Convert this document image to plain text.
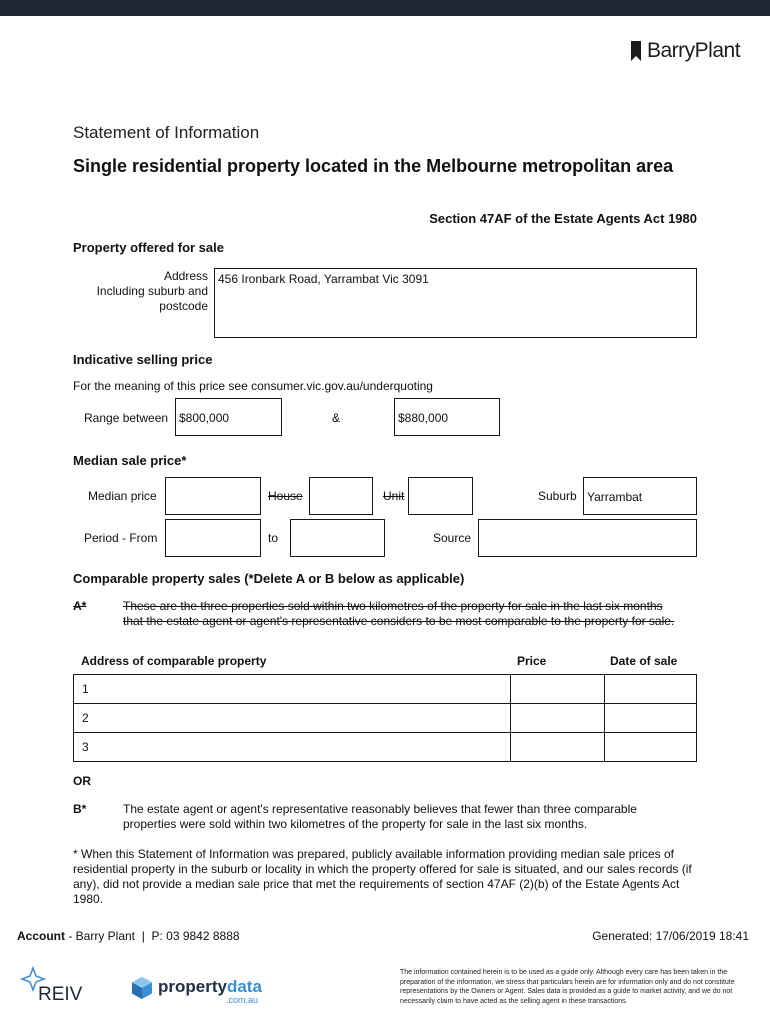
BarryPlant
Statement of Information
Single residential property located in the Melbourne metropolitan area
Section 47AF of the Estate Agents Act 1980
Property offered for sale
Address
Including suburb and
postcode
456 Ironbark Road, Yarrambat Vic 3091
Indicative selling price
For the meaning of this price see consumer.vic.gov.au/underquoting
Range between $800,000	&	$880,000
Median sale price*
Median price	House	Unit	Suburb Yarrambat
Period - From	to	Source
Comparable property sales (*Delete A or B below as applicable)
A*	These are the three properties sold within two kilometres of the property for sale in the last six months that the estate agent or agent's representative considers to be most comparable to the property for sale.
Address of comparable property	Price	Date of sale
1		
2		
3		
OR
B*	The estate agent or agent's representative reasonably believes that fewer than three comparable properties were sold within two kilometres of the property for sale in the last six months.
* When this Statement of Information was prepared, publicly available information providing median sale prices of residential property in the suburb or locality in which the property offered for sale is situated, and our sales records (if any), did not provide a median sale price that met the requirements of section 47AF (2)(b) of the Estate Agents Act 1980.
Account - Barry Plant  |  P: 03 9842 8888	Generated: 17/06/2019 18:41
REIV	propertydata
.com.au
The information contained herein is to be used as a guide only. Although every care has been taken in the preparation of the information, we stress that particulars herein are for information only and do not constitute representations by the Owners or Agent. Sales data is provided as a guide to market activity, and we do not necessarily claim to have acted as the selling agent in these transactions.
